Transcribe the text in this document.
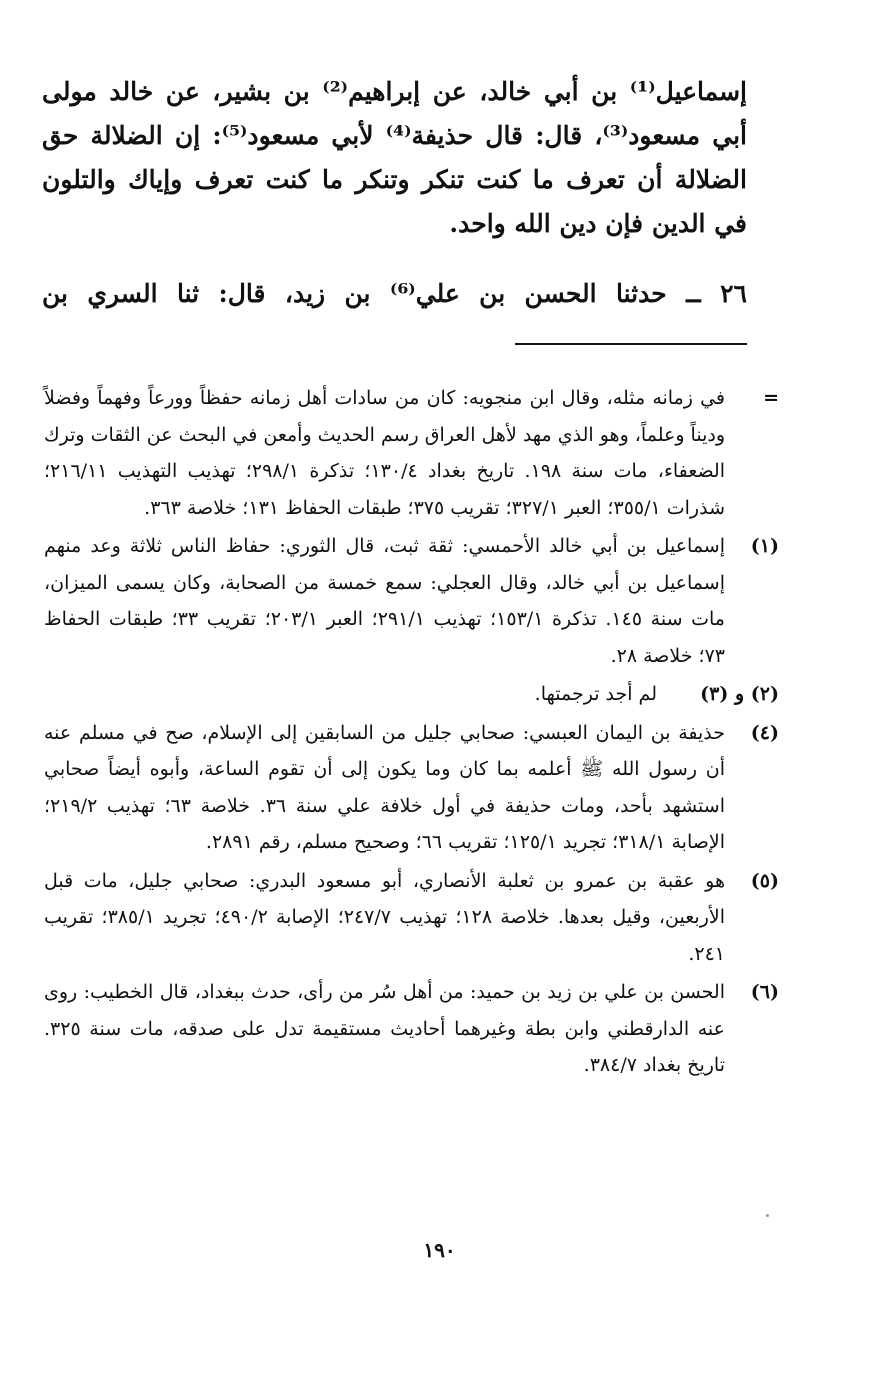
إسماعيل⁽¹⁾ بن أبي خالد، عن إبراهيم⁽²⁾ بن بشير، عن خالد مولى أبي مسعود⁽³⁾، قال: قال حذيفة⁽⁴⁾ لأبي مسعود⁽⁵⁾: إن الضلالة حق الضلالة أن تعرف ما كنت تنكر وتنكر ما كنت تعرف وإياك والتلون في الدين فإن دين الله واحد.

٢٦ ــ حدثنا الحسن بن علي⁽⁶⁾ بن زيد، قال: ثنا السري بن
=
في زمانه مثله، وقال ابن منجويه: كان من سادات أهل زمانه حفظاً وورعاً وفهماً وفضلاً وديناً وعلماً، وهو الذي مهد لأهل العراق رسم الحديث وأمعن في البحث عن الثقات وترك الضعفاء، مات سنة ١٩٨. تاريخ بغداد ١٣٠/٤؛ تذكرة ٢٩٨/١؛ تهذيب التهذيب ٢١٦/١١؛ شذرات ٣٥٥/١؛ العبر ٣٢٧/١؛ تقريب ٣٧٥؛ طبقات الحفاظ ١٣١؛ خلاصة ٣٦٣.
(١)
إسماعيل بن أبي خالد الأحمسي: ثقة ثبت، قال الثوري: حفاظ الناس ثلاثة وعد منهم إسماعيل بن أبي خالد، وقال العجلي: سمع خمسة من الصحابة، وكان يسمى الميزان، مات سنة ١٤٥. تذكرة ١٥٣/١؛ تهذيب ٢٩١/١؛ العبر ٢٠٣/١؛ تقريب ٣٣؛ طبقات الحفاظ ٧٣؛ خلاصة ٢٨.
(٢) و (٣)
لم أجد ترجمتها.
(٤)
حذيفة بن اليمان العبسي: صحابي جليل من السابقين إلى الإسلام، صح في مسلم عنه أن رسول الله ﷺ أعلمه بما كان وما يكون إلى أن تقوم الساعة، وأبوه أيضاً صحابي استشهد بأحد، ومات حذيفة في أول خلافة علي سنة ٣٦. خلاصة ٦٣؛ تهذيب ٢١٩/٢؛ الإصابة ٣١٨/١؛ تجريد ١٢٥/١؛ تقريب ٦٦؛ وصحيح مسلم، رقم ٢٨٩١.
(٥)
هو عقبة بن عمرو بن ثعلبة الأنصاري، أبو مسعود البدري: صحابي جليل، مات قبل الأربعين، وقيل بعدها. خلاصة ١٢٨؛ تهذيب ٢٤٧/٧؛ الإصابة ٤٩٠/٢؛ تجريد ٣٨٥/١؛ تقريب ٢٤١.
(٦)
الحسن بن علي بن زيد بن حميد: من أهل سُر من رأى، حدث ببغداد، قال الخطيب: روى عنه الدارقطني وابن بطة وغيرهما أحاديث مستقيمة تدل على صدقه، مات سنة ٣٢٥. تاريخ بغداد ٣٨٤/٧.
١٩٠
